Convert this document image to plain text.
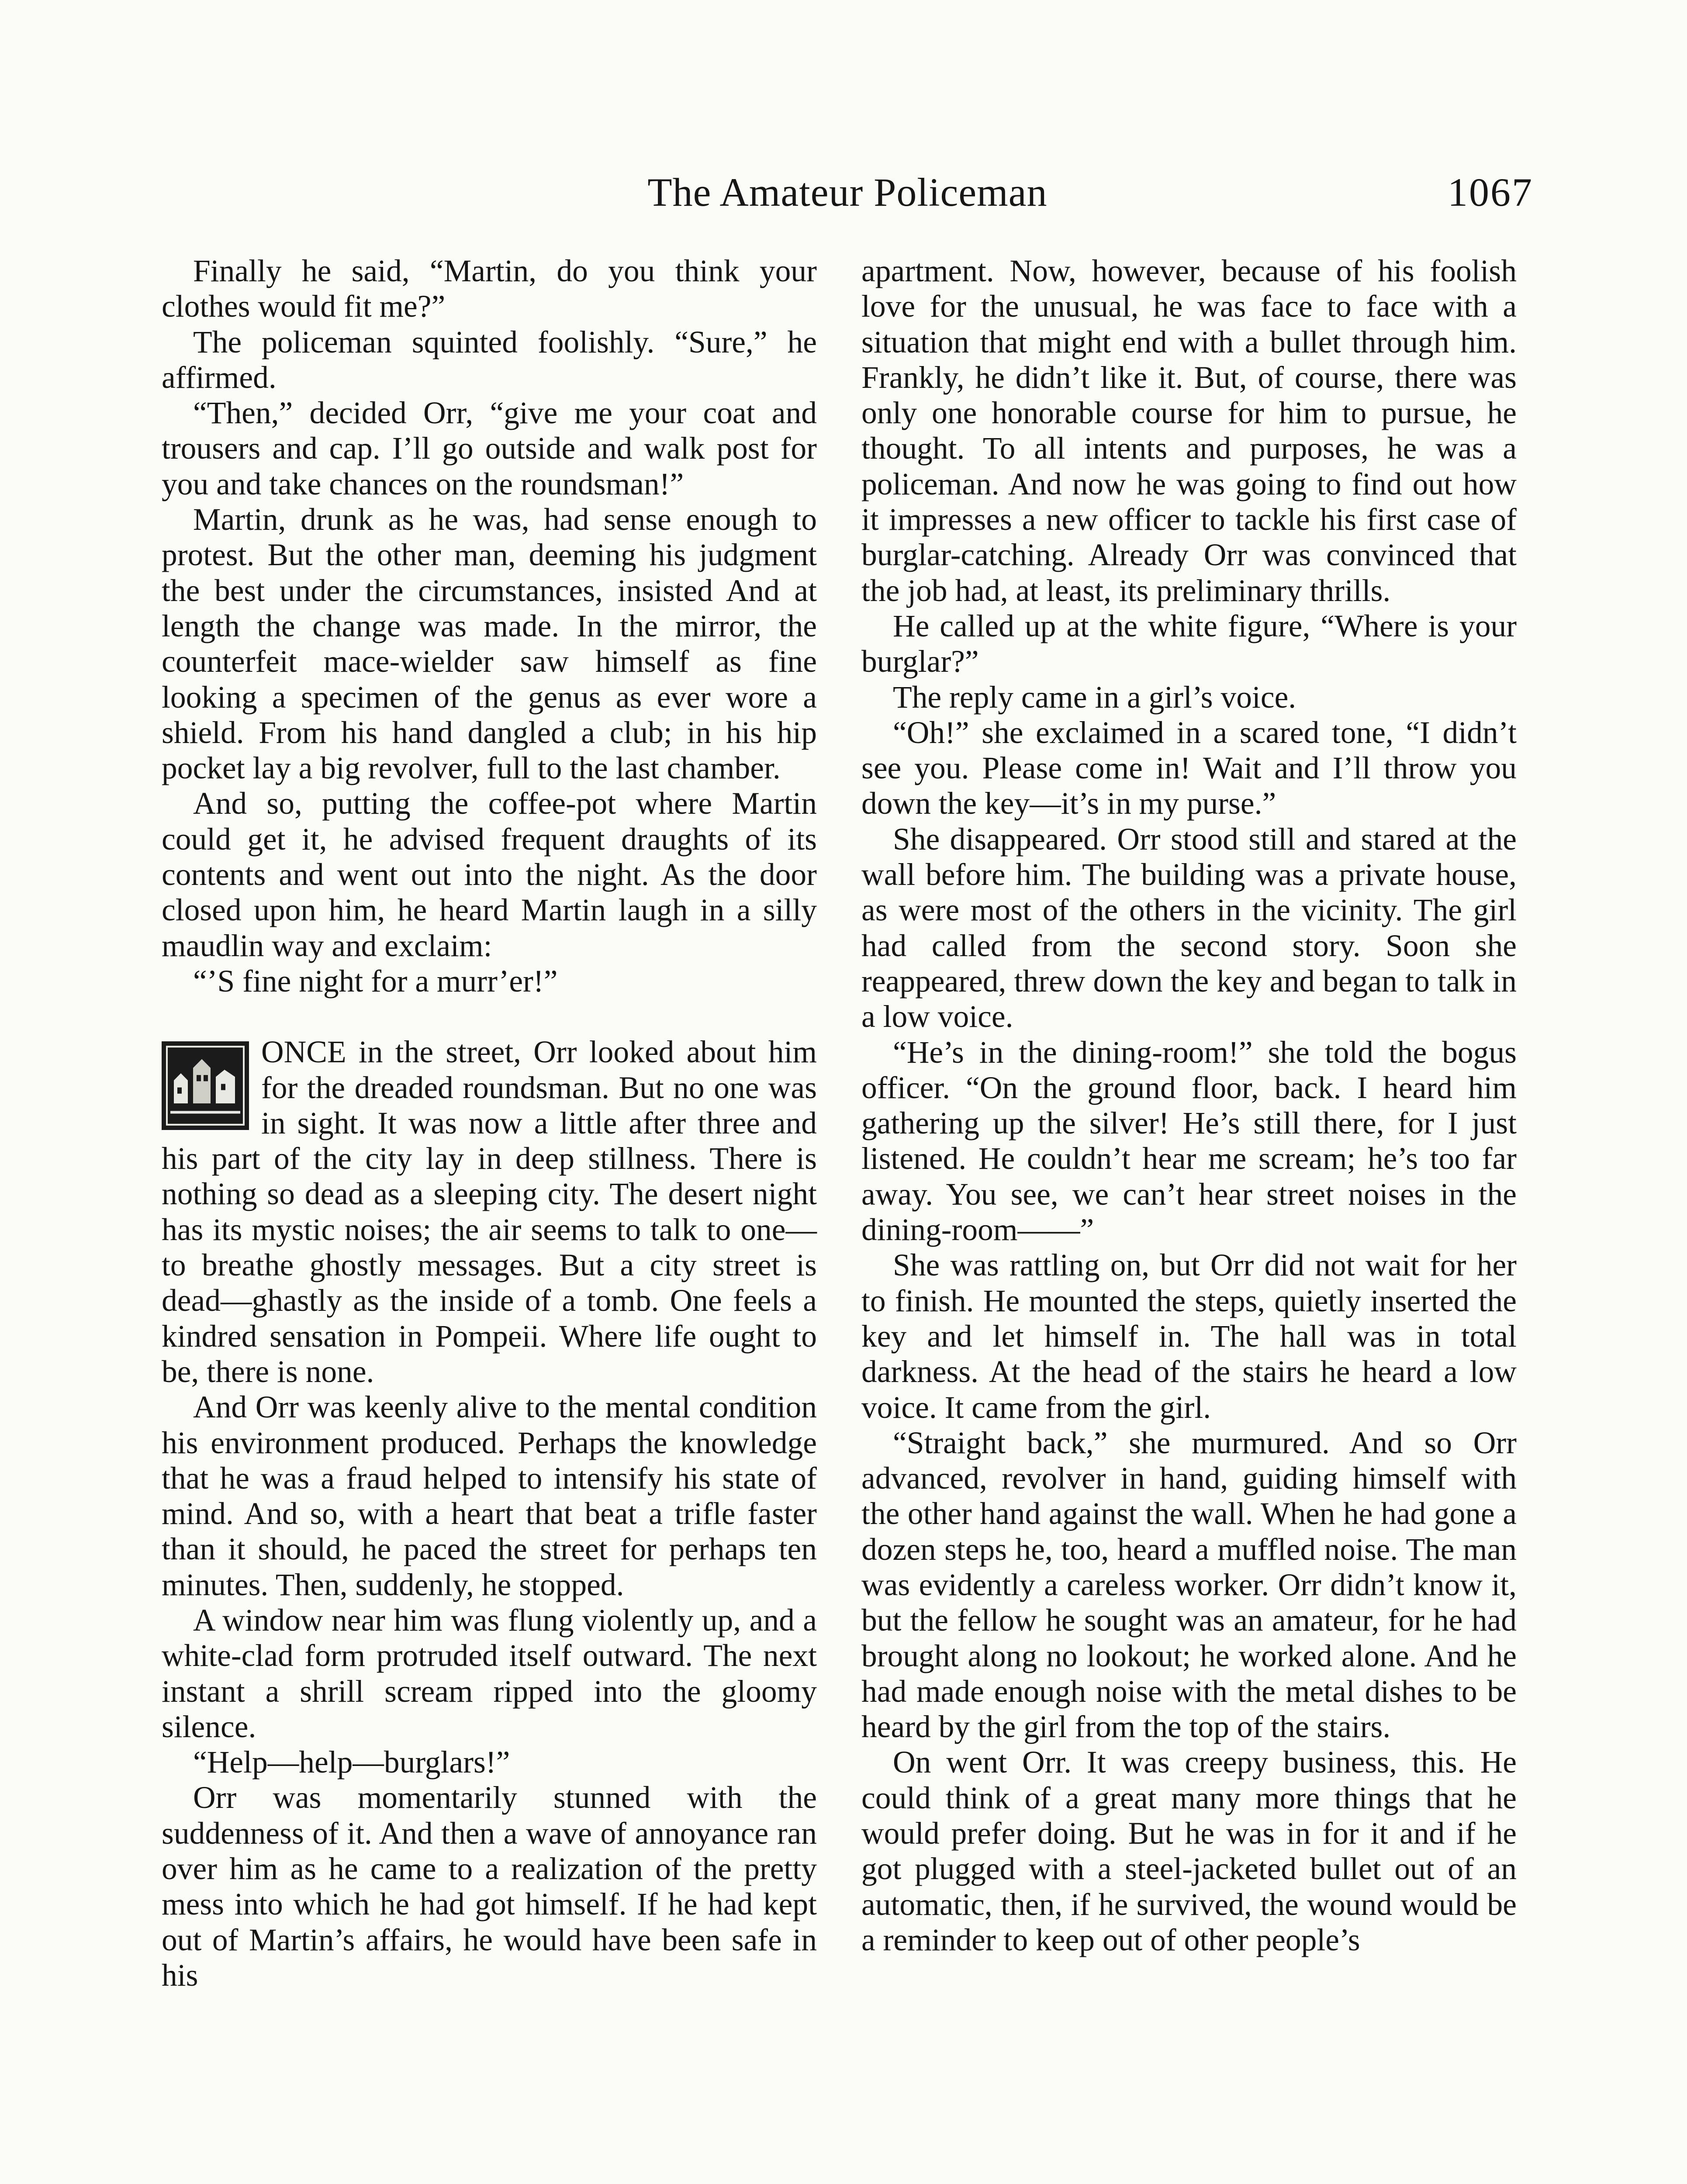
The Amateur Policeman	1067

Finally he said, “Martin, do you think your clothes would fit me?”

The policeman squinted foolishly. “Sure,” he affirmed.

“Then,” decided Orr, “give me your coat and trousers and cap. I’ll go outside and walk post for you and take chances on the roundsman!”

Martin, drunk as he was, had sense enough to protest. But the other man, deeming his judgment the best under the circumstances, insisted And at length the change was made. In the mirror, the counterfeit mace-wielder saw himself as fine looking a specimen of the genus as ever wore a shield. From his hand dangled a club; in his hip pocket lay a big revolver, full to the last chamber.

And so, putting the coffee-pot where Martin could get it, he advised frequent draughts of its contents and went out into the night. As the door closed upon him, he heard Martin laugh in a silly maudlin way and exclaim:

“’S fine night for a murr’er!”

ONCE in the street, Orr looked about him for the dreaded roundsman. But no one was in sight. It was now a little after three and his part of the city lay in deep stillness. There is nothing so dead as a sleeping city. The desert night has its mystic noises; the air seems to talk to one—to breathe ghostly messages. But a city street is dead—ghastly as the inside of a tomb. One feels a kindred sensation in Pompeii. Where life ought to be, there is none.

And Orr was keenly alive to the mental condition his environment produced. Perhaps the knowledge that he was a fraud helped to intensify his state of mind. And so, with a heart that beat a trifle faster than it should, he paced the street for perhaps ten minutes. Then, suddenly, he stopped.

A window near him was flung violently up, and a white-clad form protruded itself outward. The next instant a shrill scream ripped into the gloomy silence.

“Help—help—burglars!”

Orr was momentarily stunned with the suddenness of it. And then a wave of annoyance ran over him as he came to a realization of the pretty mess into which he had got himself. If he had kept out of Martin’s affairs, he would have been safe in his

apartment. Now, however, because of his foolish love for the unusual, he was face to face with a situation that might end with a bullet through him. Frankly, he didn’t like it. But, of course, there was only one honorable course for him to pursue, he thought. To all intents and purposes, he was a policeman. And now he was going to find out how it impresses a new officer to tackle his first case of burglar-catching. Already Orr was convinced that the job had, at least, its preliminary thrills.

He called up at the white figure, “Where is your burglar?”

The reply came in a girl’s voice.

“Oh!” she exclaimed in a scared tone, “I didn’t see you. Please come in! Wait and I’ll throw you down the key—it’s in my purse.”

She disappeared. Orr stood still and stared at the wall before him. The building was a private house, as were most of the others in the vicinity. The girl had called from the second story. Soon she reappeared, threw down the key and began to talk in a low voice.

“He’s in the dining-room!” she told the bogus officer. “On the ground floor, back. I heard him gathering up the silver! He’s still there, for I just listened. He couldn’t hear me scream; he’s too far away. You see, we can’t hear street noises in the dining-room——”

She was rattling on, but Orr did not wait for her to finish. He mounted the steps, quietly inserted the key and let himself in. The hall was in total darkness. At the head of the stairs he heard a low voice. It came from the girl.

“Straight back,” she murmured. And so Orr advanced, revolver in hand, guiding himself with the other hand against the wall. When he had gone a dozen steps he, too, heard a muffled noise. The man was evidently a careless worker. Orr didn’t know it, but the fellow he sought was an amateur, for he had brought along no lookout; he worked alone. And he had made enough noise with the metal dishes to be heard by the girl from the top of the stairs.

On went Orr. It was creepy business, this. He could think of a great many more things that he would prefer doing. But he was in for it and if he got plugged with a steel-jacketed bullet out of an automatic, then, if he survived, the wound would be a reminder to keep out of other people’s
